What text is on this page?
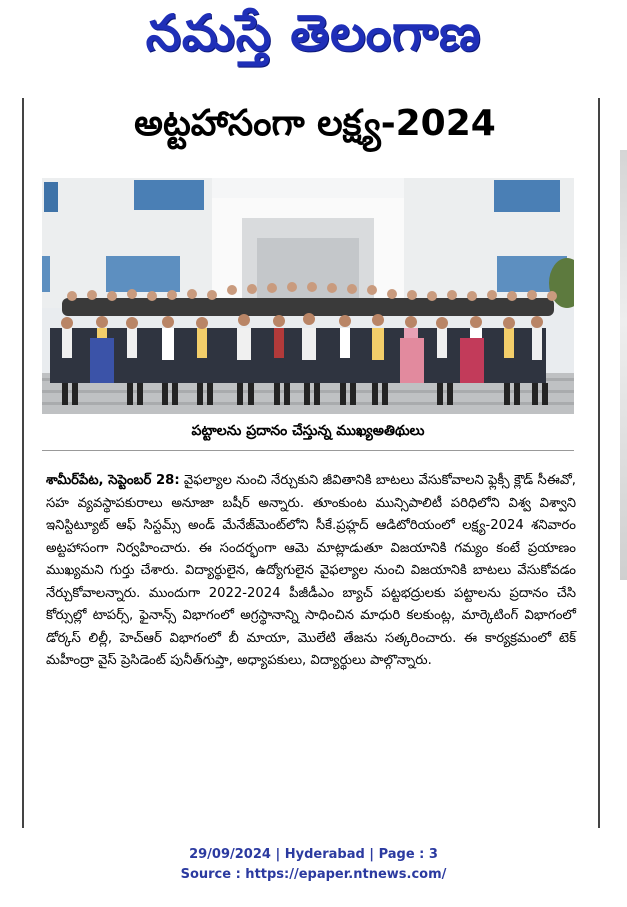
నమస్తే తెలంగాణ
అట్టహాసంగా లక్ష్య-2024
పట్టాలను ప్రదానం చేస్తున్న ముఖ్యఅతిథులు
శామీర్‌పేట, సెప్టెంబర్ 28: వైఫల్యాల నుంచి నేర్చుకుని జీవితానికి బాటలు వేసుకోవాలని ఫ్లెక్సీ క్లౌడ్ సీఈవో, సహ వ్యవస్థాపకురాలు అనూజా బషీర్ అన్నారు. తూంకుంట మున్సిపాలిటీ పరిధిలోని విశ్వ విశ్వాని ఇనిస్టిట్యూట్ ఆఫ్ సిస్టమ్స్ అండ్ మేనేజ్‌మెంట్‌లోని సీకే.ప్రహ్లద్ ఆడిటోరియంలో లక్ష్య-2024 శనివారం అట్టహాసంగా నిర్వహించారు. ఈ సందర్భంగా ఆమె మాట్లాడుతూ విజయానికి గమ్యం కంటే ప్రయాణం ముఖ్యమని గుర్తు చేశారు. విద్యార్థులైన, ఉద్యోగులైన వైఫల్యాల నుంచి విజయానికి బాటలు వేసుకోవడం నేర్చుకోవాలన్నారు. ముందుగా 2022-2024 పీజీడీఎం బ్యాచ్ పట్టభద్రులకు పట్టాలను ప్రదానం చేసి కోర్సుల్లో టాపర్స్, ఫైనాన్స్ విభాగంలో అగ్రస్థానాన్ని సాధించిన మాధురి కలకుంట్ల, మార్కెటింగ్ విభాగంలో డోర్కస్ లిల్లీ, హెచ్‌ఆర్ విభాగంలో బీ మాయా, మొలేటి తేజను సత్కరించారు. ఈ కార్యక్రమంలో టెక్ మహీంద్రా వైస్ ప్రెసిడెంట్ పునీత్‌గుప్తా, అధ్యాపకులు, విద్యార్థులు పాల్గొన్నారు.
29/09/2024 | Hyderabad | Page : 3
Source : https://epaper.ntnews.com/
